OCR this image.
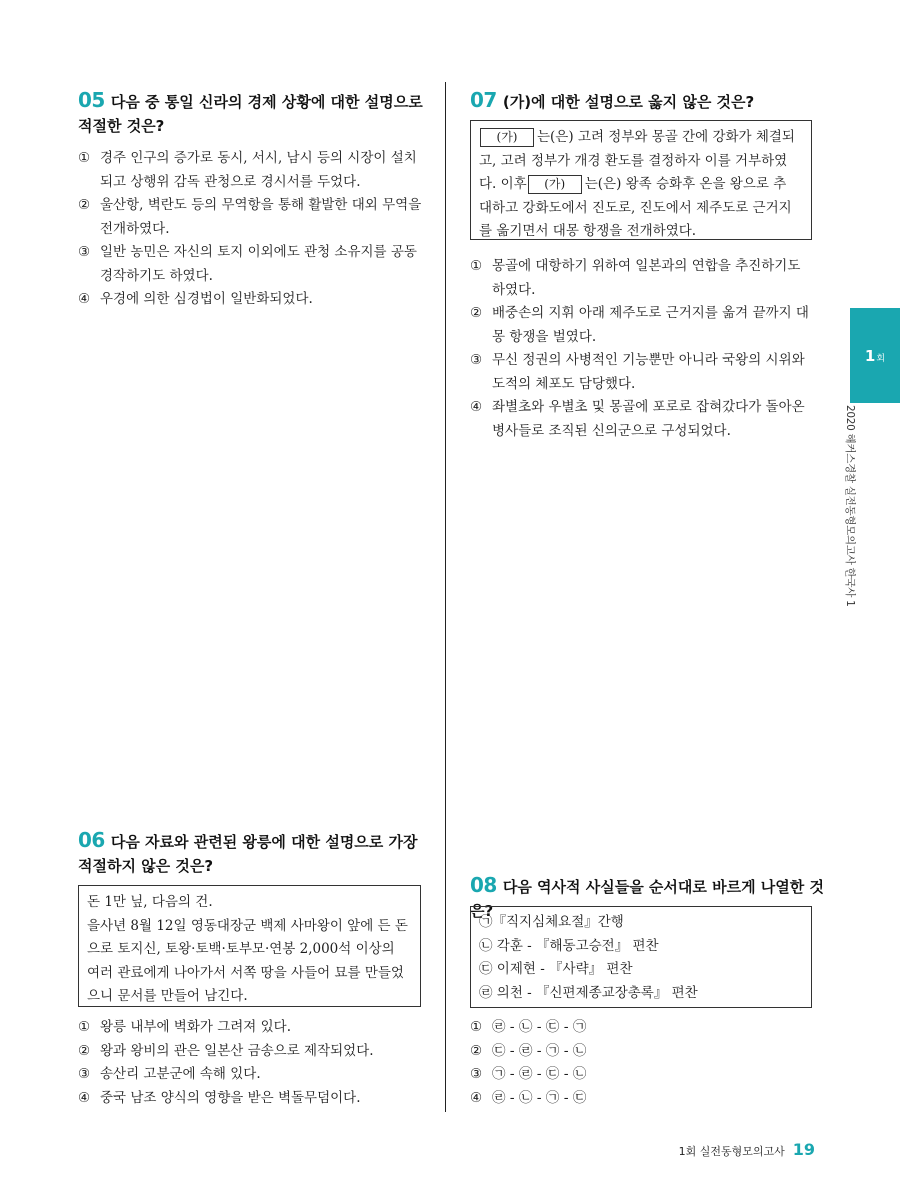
05 다음 중 통일 신라의 경제 상황에 대한 설명으로 적절한 것은?
① 경주 인구의 증가로 동시, 서시, 남시 등의 시장이 설치되고 상행위 감독 관청으로 경시서를 두었다.
② 울산항, 벽란도 등의 무역항을 통해 활발한 대외 무역을 전개하였다.
③ 일반 농민은 자신의 토지 이외에도 관청 소유지를 공동 경작하기도 하였다.
④ 우경에 의한 심경법이 일반화되었다.
06 다음 자료와 관련된 왕릉에 대한 설명으로 가장 적절하지 않은 것은?
돈 1만 닢, 다음의 건.
을사년 8월 12일 영동대장군 백제 사마왕이 앞에 든 돈
으로 토지신, 토왕·토백·토부모·연봉 2,000석 이상의
여러 관료에게 나아가서 서쪽 땅을 사들어 묘를 만들었
으니 문서를 만들어 남긴다.
① 왕릉 내부에 벽화가 그려져 있다.
② 왕과 왕비의 관은 일본산 금송으로 제작되었다.
③ 송산리 고분군에 속해 있다.
④ 중국 남조 양식의 영향을 받은 벽돌무덤이다.
07 (가)에 대한 설명으로 옳지 않은 것은?
(가) 는(은) 고려 정부와 몽골 간에 강화가 체결되
고, 고려 정부가 개경 환도를 결정하자 이를 거부하였
다. 이후 (가) 는(은) 왕족 승화후 온을 왕으로 추
대하고 강화도에서 진도로, 진도에서 제주도로 근거지
를 옮기면서 대몽 항쟁을 전개하였다.
① 몽골에 대항하기 위하여 일본과의 연합을 추진하기도 하였다.
② 배중손의 지휘 아래 제주도로 근거지를 옮겨 끝까지 대몽 항쟁을 벌였다.
③ 무신 정권의 사병적인 기능뿐만 아니라 국왕의 시위와 도적의 체포도 담당했다.
④ 좌별초와 우별초 및 몽골에 포로로 잡혀갔다가 돌아온 병사들로 조직된 신의군으로 구성되었다.
08 다음 역사적 사실들을 순서대로 바르게 나열한 것은?
㉠『직지심체요절』간행
㉡ 각훈 - 『해동고승전』 편찬
㉢ 이제현 - 『사략』 편찬
㉣ 의천 - 『신편제종교장총록』 편찬
① ㉣ - ㉡ - ㉢ - ㉠
② ㉢ - ㉣ - ㉠ - ㉡
③ ㉠ - ㉣ - ㉢ - ㉡
④ ㉣ - ㉡ - ㉠ - ㉢
1 회
2020 해커스경찰 실전동형모의고사 한국사 1
1회 실전동형모의고사 19
